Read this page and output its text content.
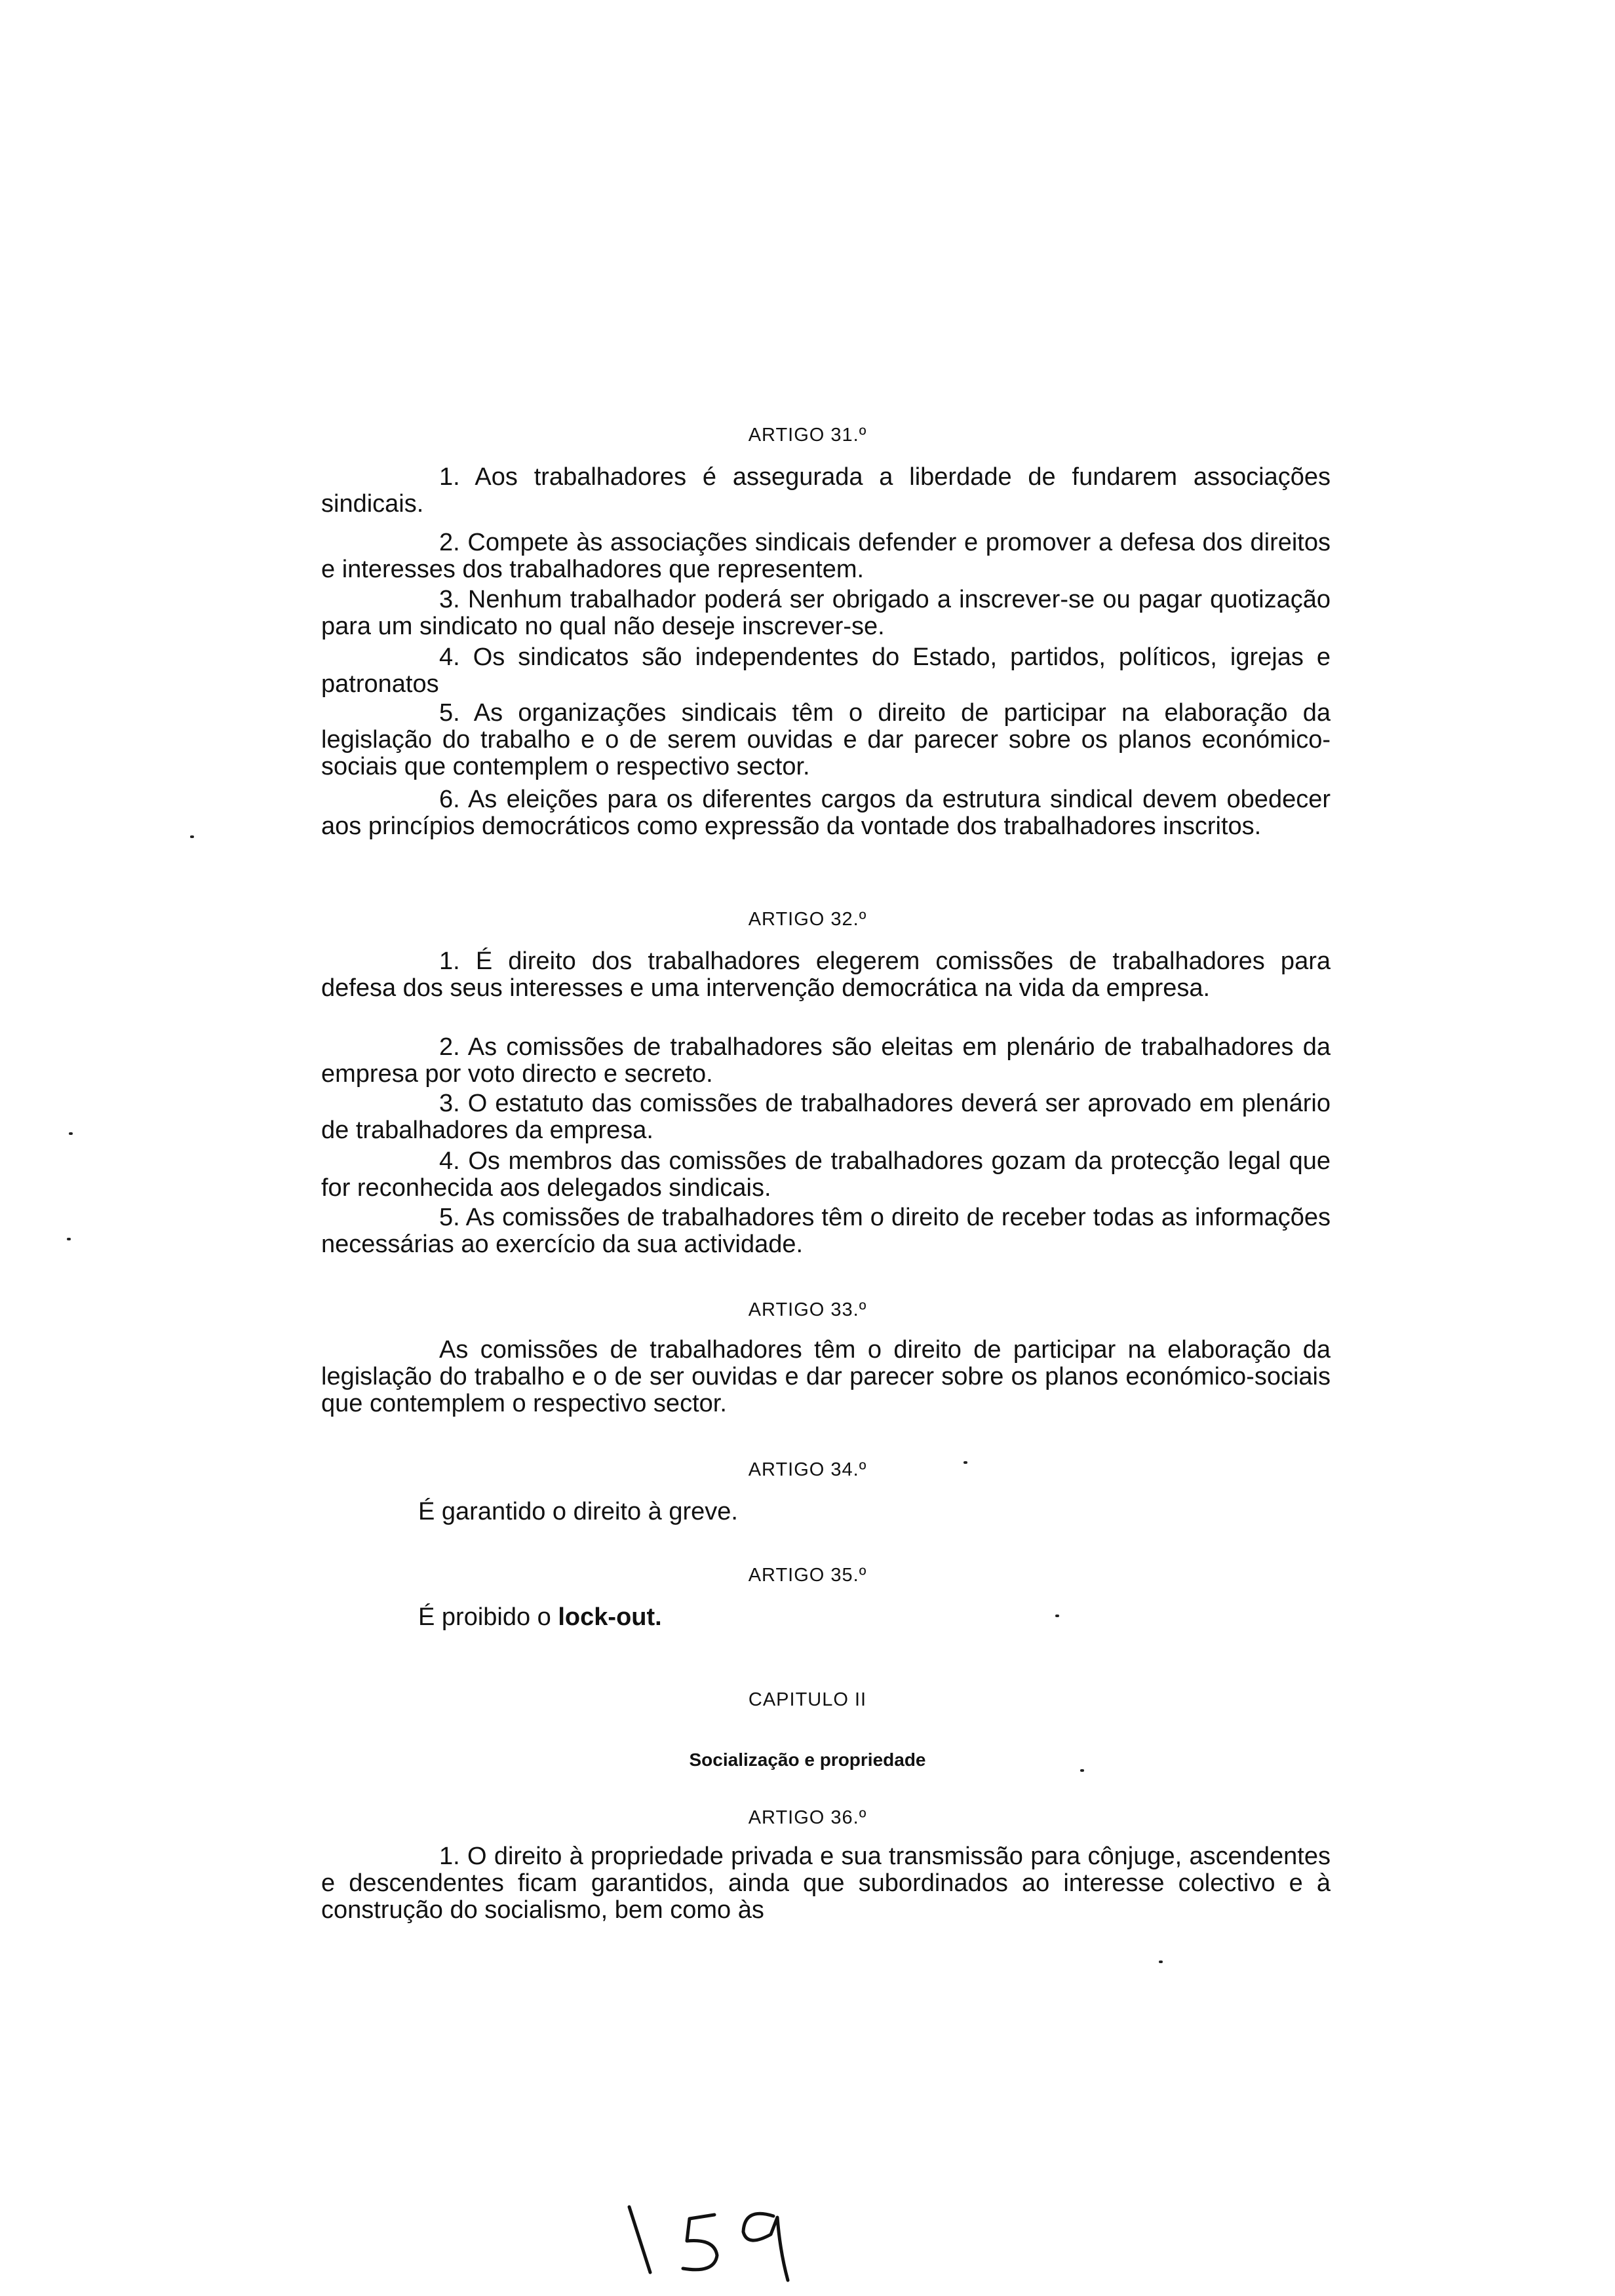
ARTIGO 31.º

1. Aos trabalhadores é assegurada a liberdade de fundarem associações sindicais.

2. Compete às associações sindicais defender e promover a defesa dos direitos e interesses dos trabalhadores que representem.

3. Nenhum trabalhador poderá ser obrigado a inscrever-se ou pagar quotização para um sindicato no qual não deseje inscrever-se.

4. Os sindicatos são independentes do Estado, partidos, políticos, igrejas e patronatos

5. As organizações sindicais têm o direito de participar na elaboração da legislação do trabalho e o de serem ouvidas e dar parecer sobre os planos económico-sociais que contemplem o respectivo sector.

6. As eleições para os diferentes cargos da estrutura sindical devem obedecer aos princípios democráticos como expressão da vontade dos trabalhadores inscritos.

ARTIGO 32.º

1. É direito dos trabalhadores elegerem comissões de trabalhadores para defesa dos seus interesses e uma intervenção democrática na vida da empresa.

2. As comissões de trabalhadores são eleitas em plenário de trabalhadores da empresa por voto directo e secreto.

3. O estatuto das comissões de trabalhadores deverá ser aprovado em plenário de trabalhadores da empresa.

4. Os membros das comissões de trabalhadores gozam da protecção legal que for reconhecida aos delegados sindicais.

5. As comissões de trabalhadores têm o direito de receber todas as informações necessárias ao exercício da sua actividade.

ARTIGO 33.º

As comissões de trabalhadores têm o direito de participar na elaboração da legislação do trabalho e o de ser ouvidas e dar parecer sobre os planos económico-sociais que contemplem o respectivo sector.

ARTIGO 34.º

É garantido o direito à greve.

ARTIGO 35.º

É proibido o lock-out.

CAPITULO II
Socialização e propriedade
ARTIGO 36.º

1. O direito à propriedade privada e sua transmissão para cônjuge, ascendentes e descendentes ficam garantidos, ainda que subordinados ao interesse colectivo e à construção do socialismo, bem como às
